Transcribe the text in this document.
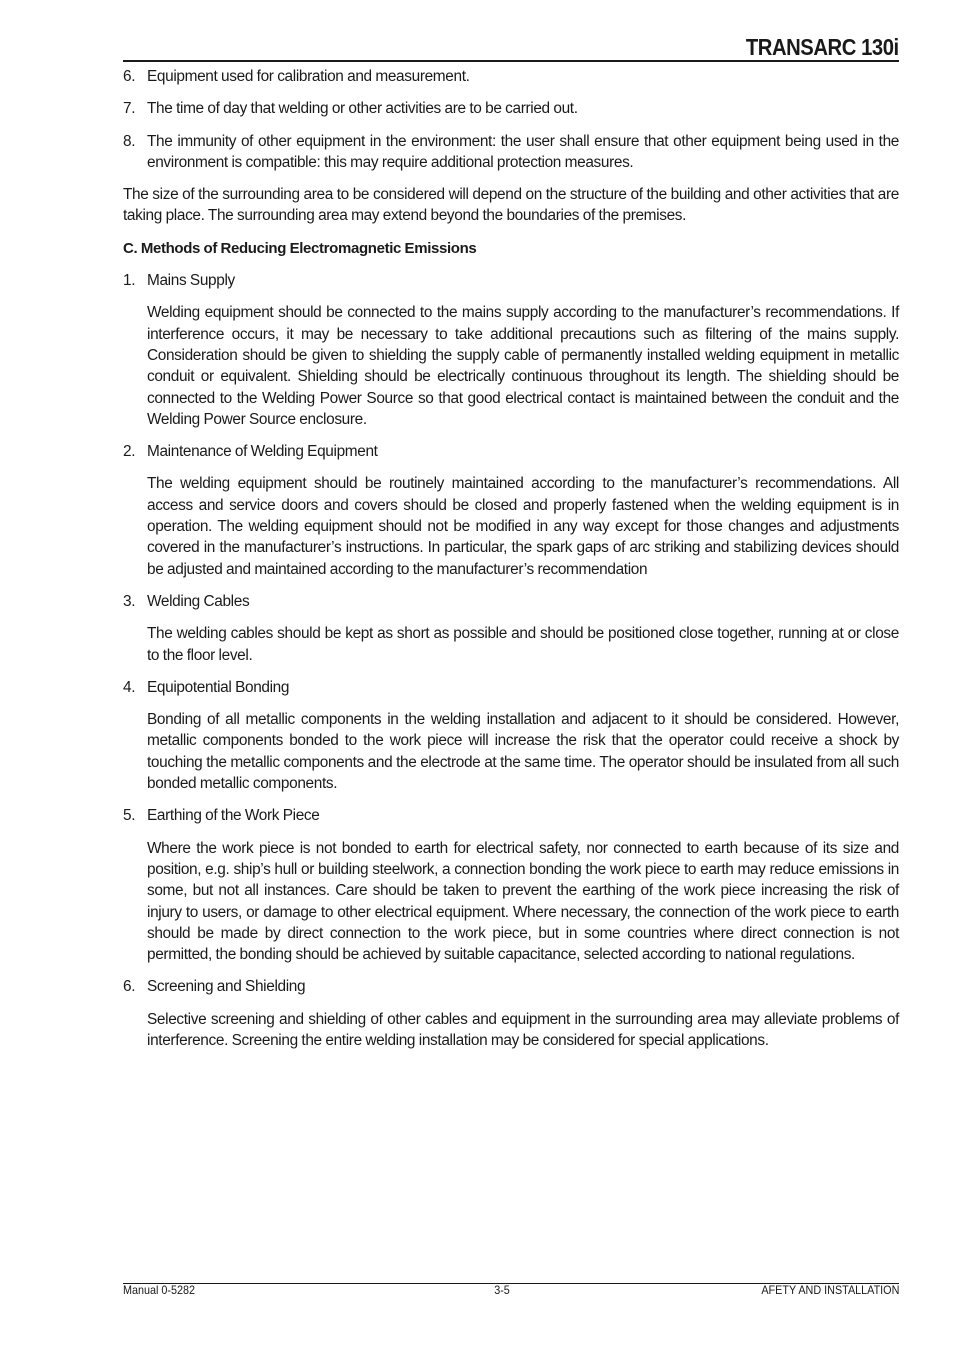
TRANSARC 130i
6. Equipment used for calibration and measurement.

7. The time of day that welding or other activities are to be carried out.

8. The immunity of other equipment in the environment: the user shall ensure that other equipment being used in the environment is compatible: this may require additional protection measures.

The size of the surrounding area to be considered will depend on the structure of the building and other activities that are taking place. The surrounding area may extend beyond the boundaries of the premises.

C. Methods of Reducing Electromagnetic Emissions

1. Mains Supply

Welding equipment should be connected to the mains supply according to the manufacturer’s recommendations. If interference occurs, it may be necessary to take additional precautions such as filtering of the mains supply. Consideration should be given to shielding the supply cable of permanently installed welding equipment in metallic conduit or equivalent. Shielding should be electrically continuous throughout its length. The shielding should be connected to the Welding Power Source so that good electrical contact is maintained between the conduit and the Welding Power Source enclosure.

2. Maintenance of Welding Equipment

The welding equipment should be routinely maintained according to the manufacturer’s recommendations. All access and service doors and covers should be closed and properly fastened when the welding equipment is in operation. The welding equipment should not be modified in any way except for those changes and adjustments covered in the manufacturer’s instructions. In particular, the spark gaps of arc striking and stabilizing devices should be adjusted and maintained according to the manufacturer’s recommendation

3. Welding Cables

The welding cables should be kept as short as possible and should be positioned close together, running at or close to the floor level.

4. Equipotential Bonding

Bonding of all metallic components in the welding installation and adjacent to it should be considered. However, metallic components bonded to the work piece will increase the risk that the operator could receive a shock by touching the metallic components and the electrode at the same time. The operator should be insulated from all such bonded metallic components.

5. Earthing of the Work Piece

Where the work piece is not bonded to earth for electrical safety, nor connected to earth because of its size and position, e.g. ship’s hull or building steelwork, a connection bonding the work piece to earth may reduce emissions in some, but not all instances. Care should be taken to prevent the earthing of the work piece increasing the risk of injury to users, or damage to other electrical equipment. Where necessary, the connection of the work piece to earth should be made by direct connection to the work piece, but in some countries where direct connection is not permitted, the bonding should be achieved by suitable capacitance, selected according to national regulations.

6. Screening and Shielding

Selective screening and shielding of other cables and equipment in the surrounding area may alleviate problems of interference. Screening the entire welding installation may be considered for special applications.

Manual 0-5282	3-5	AFETY AND INSTALLATION
